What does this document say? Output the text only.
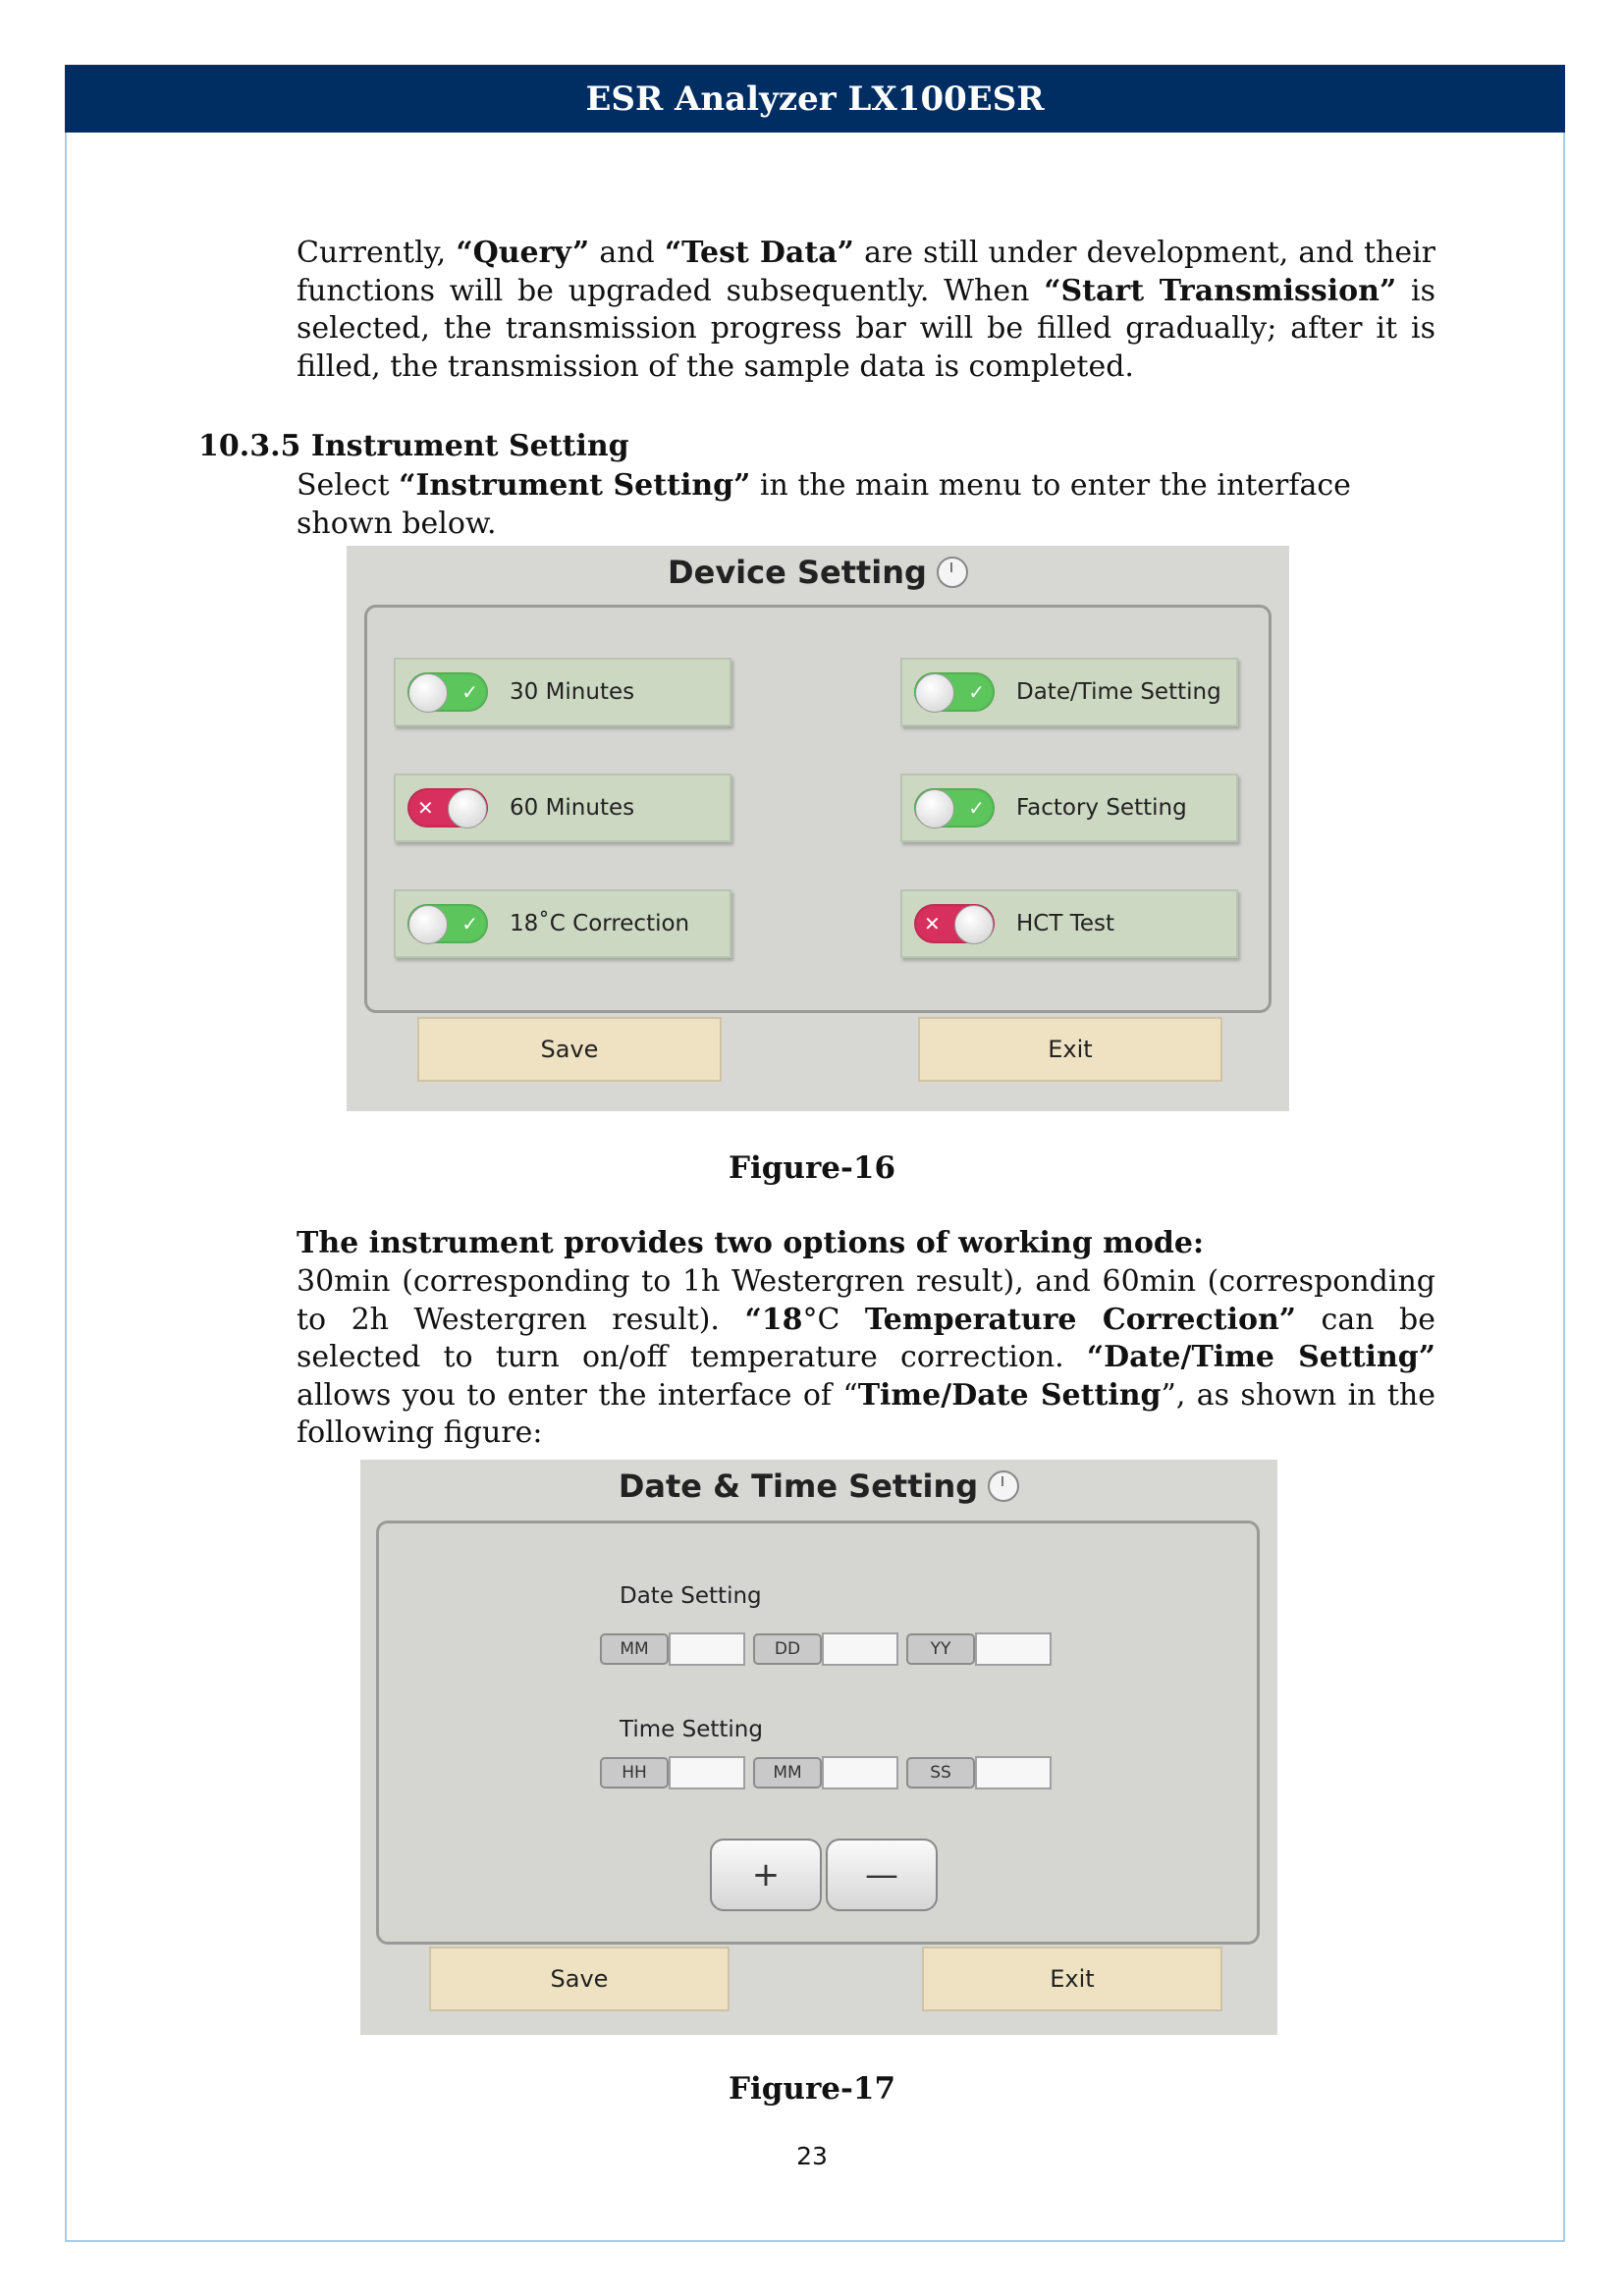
ESR Analyzer LX100ESR

Currently, “Query” and “Test Data” are still under development, and their functions will be upgraded subsequently. When “Start Transmission” is selected, the transmission progress bar will be filled gradually; after it is filled, the transmission of the sample data is completed.

10.3.5 Instrument Setting

Select “Instrument Setting” in the main menu to enter the interface shown below.

Device Setting
✓ 30 Minutes
✕	60 Minutes
✓ 18˚C Correction
✓ Date/Time Setting
✓ Factory Setting
✕	HCT Test
Save	Exit
Figure-16

The instrument provides two options of working mode:

30min (corresponding to 1h Westergren result), and 60min (corresponding to 2h Westergren result). “18°C Temperature Correction” can be selected to turn on/off temperature correction. “Date/Time Setting” allows you to enter the interface of “Time/Date Setting”, as shown in the following figure:

Date & Time Setting
Date Setting
MM	DD	YY
Time Setting
HH	MM	SS
+	—
Save	Exit
Figure-17
23
